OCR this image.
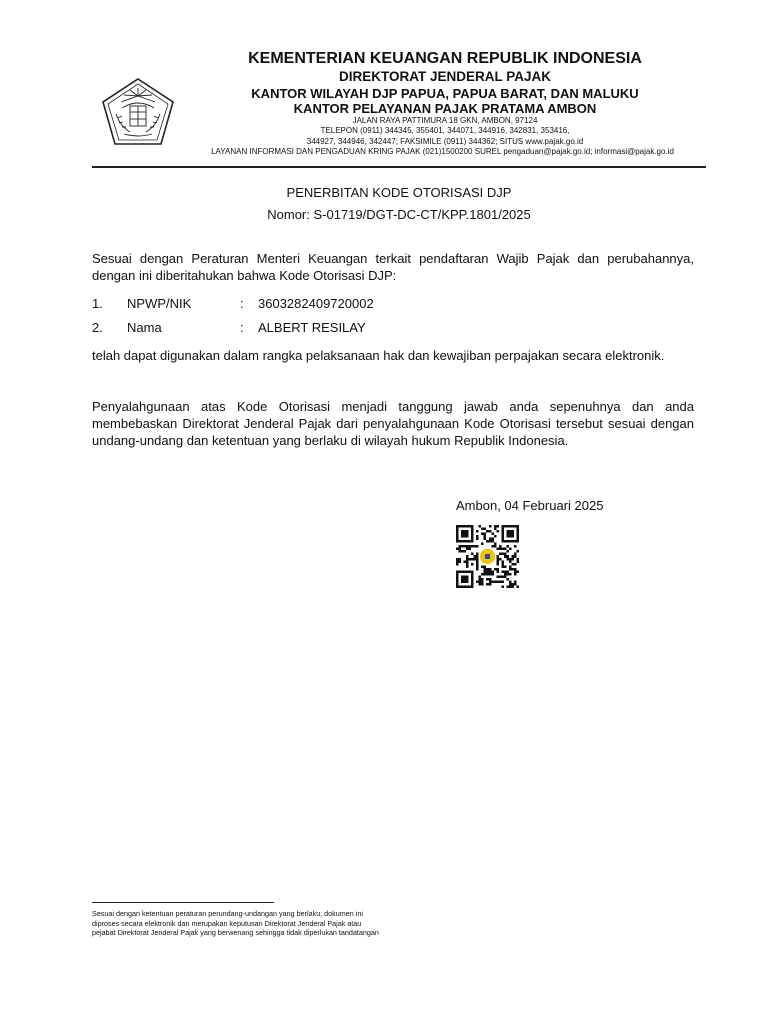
KEMENTERIAN KEUANGAN REPUBLIK INDONESIA
DIREKTORAT JENDERAL PAJAK
KANTOR WILAYAH DJP PAPUA, PAPUA BARAT, DAN MALUKU
KANTOR PELAYANAN PAJAK PRATAMA AMBON
JALAN RAYA PATTIMURA 18 GKN, AMBON, 97124
TELEPON (0911) 344345, 355401, 344071, 344916, 342831, 353416,
344927, 344946, 342447; FAKSIMILE (0911) 344362; SITUS www.pajak.go.id
LAYANAN INFORMASI DAN PENGADUAN KRING PAJAK (021)1500200 SUREL pengaduan@pajak.go.id; informasi@pajak.go.id
PENERBITAN KODE OTORISASI DJP
Nomor: S-01719/DGT-DC-CT/KPP.1801/2025
Sesuai dengan Peraturan Menteri Keuangan terkait pendaftaran Wajib Pajak dan perubahannya, dengan ini diberitahukan bahwa Kode Otorisasi DJP:
1. NPWP/NIK	: 3603282409720002
2. Nama	: ALBERT RESILAY
telah dapat digunakan dalam rangka pelaksanaan hak dan kewajiban perpajakan secara elektronik.
Penyalahgunaan atas Kode Otorisasi menjadi tanggung jawab anda sepenuhnya dan anda membebaskan Direktorat Jenderal Pajak dari penyalahgunaan Kode Otorisasi tersebut sesuai dengan undang-undang dan ketentuan yang berlaku di wilayah hukum Republik Indonesia.
Ambon, 04 Februari 2025
Sesuai dengan ketentuan peraturan perundang-undangan yang berlaku, dokumen ini
diproses secara elektronik dan merupakan keputusan Direktorat Jenderal Pajak atau
pejabat Direktorat Jenderal Pajak yang berwenang sehingga tidak diperlukan tandatangan
